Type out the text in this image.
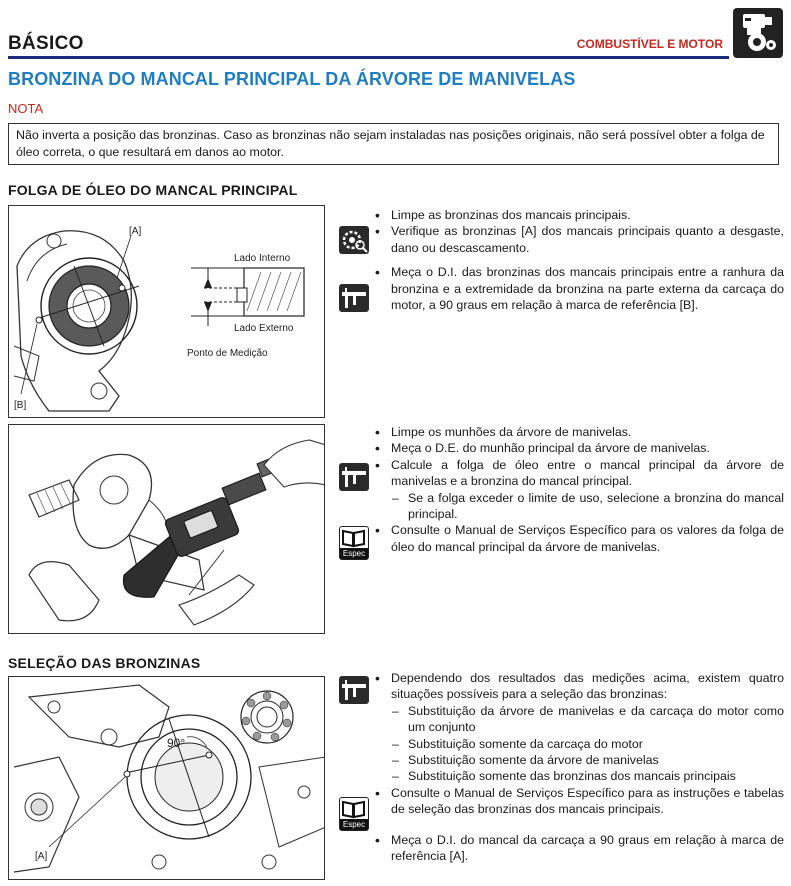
BÁSICO	COMBUSTÍVEL E MOTOR
BRONZINA DO MANCAL PRINCIPAL DA ÁRVORE DE MANIVELAS
NOTA
Não inverta a posição das bronzinas. Caso as bronzinas não sejam instaladas nas posições originais, não será possível obter a folga de óleo correta, o que resultará em danos ao motor.
FOLGA DE ÓLEO DO MANCAL PRINCIPAL
[A]
[B]
Lado Interno
Lado Externo
Ponto de Medição
• Limpe as bronzinas dos mancais principais.
• Verifique as bronzinas [A] dos mancais principais quanto a desgaste, dano ou descascamento.
• Meça o D.I. das bronzinas dos mancais principais entre a ranhura da bronzina e a extremidade da bronzina na parte externa da carcaça do motor, a 90 graus em relação à marca de referência [B].
Espec
• Limpe os munhões da árvore de manivelas.
• Meça o D.E. do munhão principal da árvore de manivelas.
• Calcule a folga de óleo entre o mancal principal da árvore de manivelas e a bronzina do mancal principal.
– Se a folga exceder o limite de uso, selecione a bronzina do mancal principal.
• Consulte o Manual de Serviços Específico para os valores da folga de óleo do mancal principal da árvore de manivelas.
SELEÇÃO DAS BRONZINAS
90°
[A]
Espec
• Dependendo dos resultados das medições acima, existem quatro situações possíveis para a seleção das bronzinas:
– Substituição da árvore de manivelas e da carcaça do motor como um conjunto
– Substituição somente da carcaça do motor
– Substituição somente da árvore de manivelas
– Substituição somente das bronzinas dos mancais principais
• Consulte o Manual de Serviços Específico para as instruções e tabelas de seleção das bronzinas dos mancais principais.
• Meça o D.I. do mancal da carcaça a 90 graus em relação à marca de referência [A].
